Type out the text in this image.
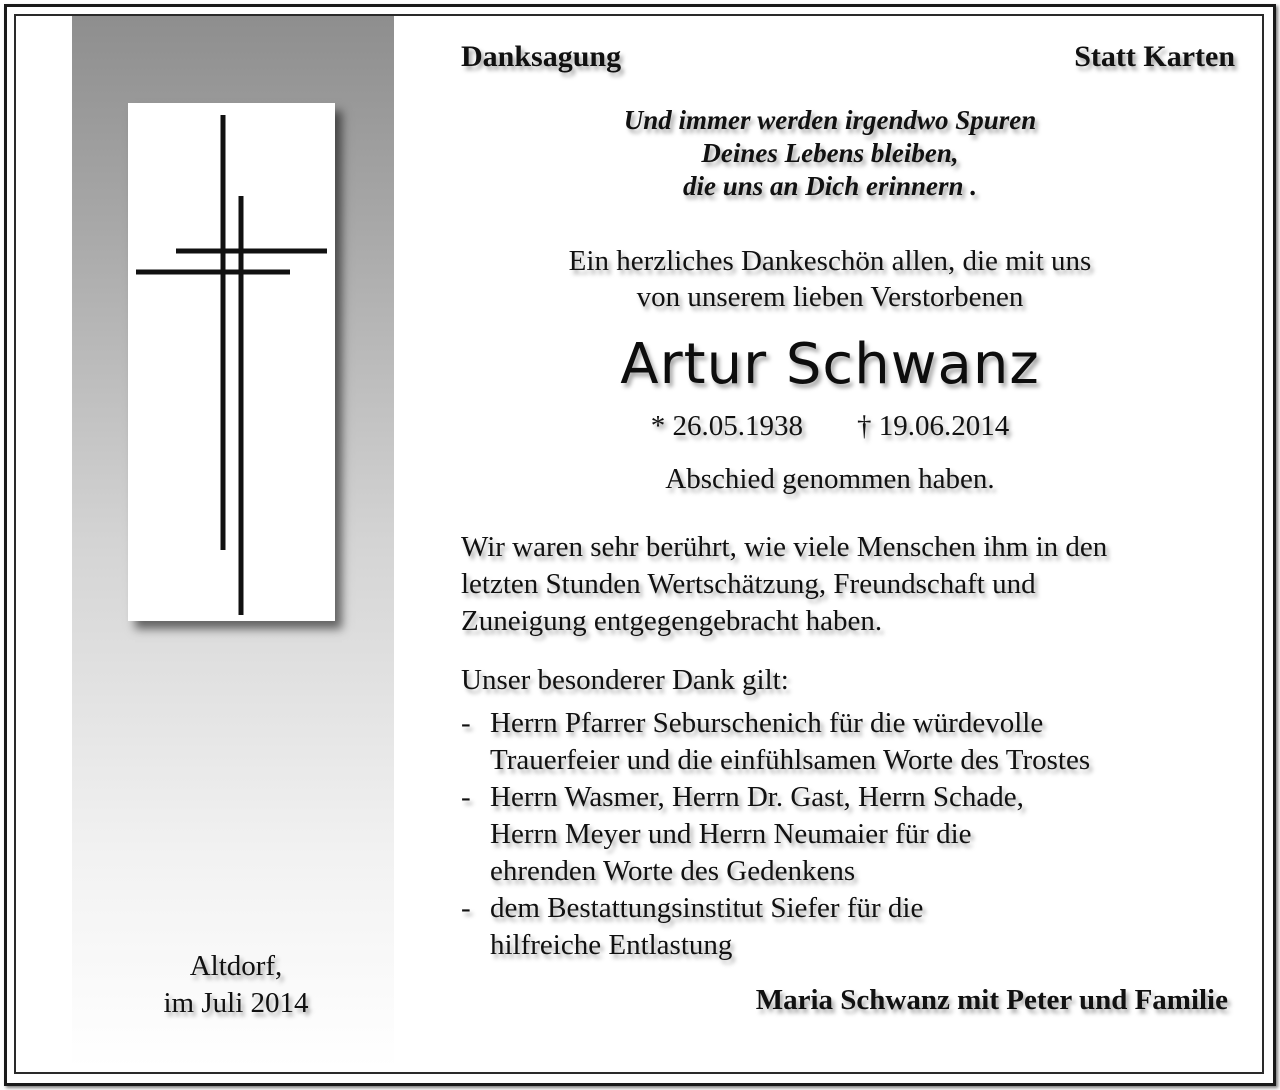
Danksagung	Statt Karten
Und immer werden irgendwo Spuren
Deines Lebens bleiben,
die uns an Dich erinnern .
Ein herzliches Dankeschön allen, die mit uns
von unserem lieben Verstorbenen
Artur Schwanz
* 26.05.1938 † 19.06.2014
Abschied genommen haben.
Wir waren sehr berührt, wie viele Menschen ihm in den
letzten Stunden Wertschätzung, Freundschaft und
Zuneigung entgegengebracht haben.
Unser besonderer Dank gilt:
- Herrn Pfarrer Seburschenich für die würdevolle
Trauerfeier und die einfühlsamen Worte des Trostes
- Herrn Wasmer, Herrn Dr. Gast, Herrn Schade,
Herrn Meyer und Herrn Neumaier für die
ehrenden Worte des Gedenkens
- dem Bestattungsinstitut Siefer für die
hilfreiche Entlastung
Altdorf,
im Juli 2014	Maria Schwanz mit Peter und Familie
